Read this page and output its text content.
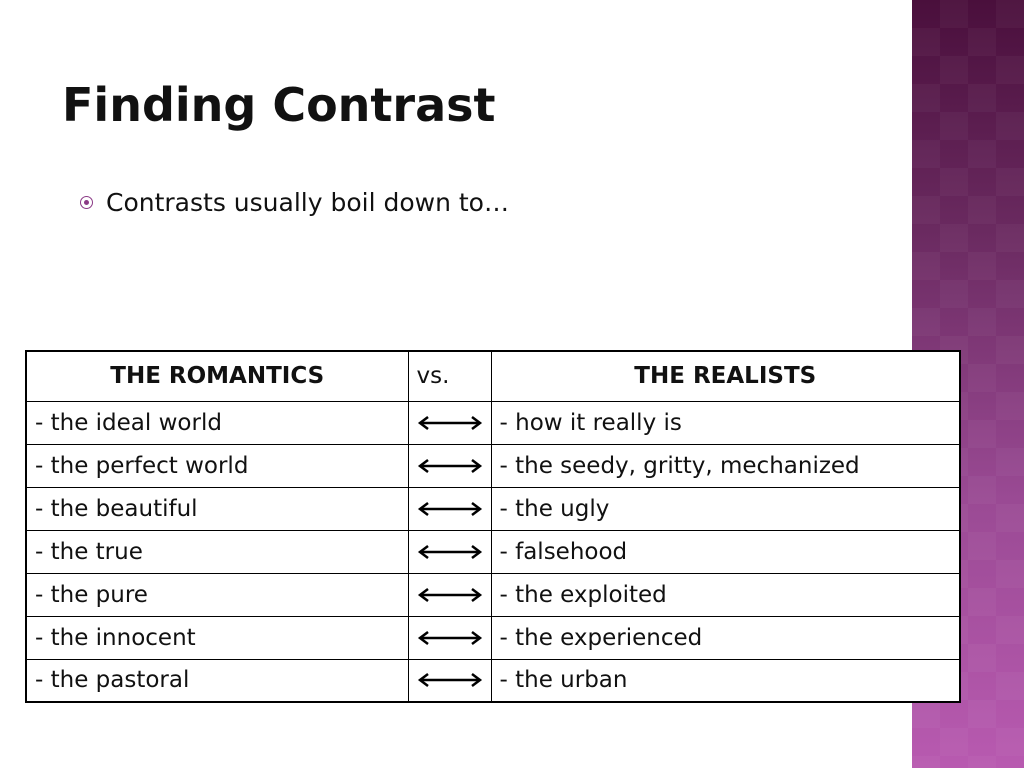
Finding Contrast
Contrasts usually boil down to…
THE ROMANTICS	vs.	THE REALISTS
- the ideal world		- how it really is
- the perfect world		- the seedy, gritty, mechanized
- the beautiful		- the ugly
- the true		- falsehood
- the pure		- the exploited
- the innocent		- the experienced
- the pastoral		- the urban
